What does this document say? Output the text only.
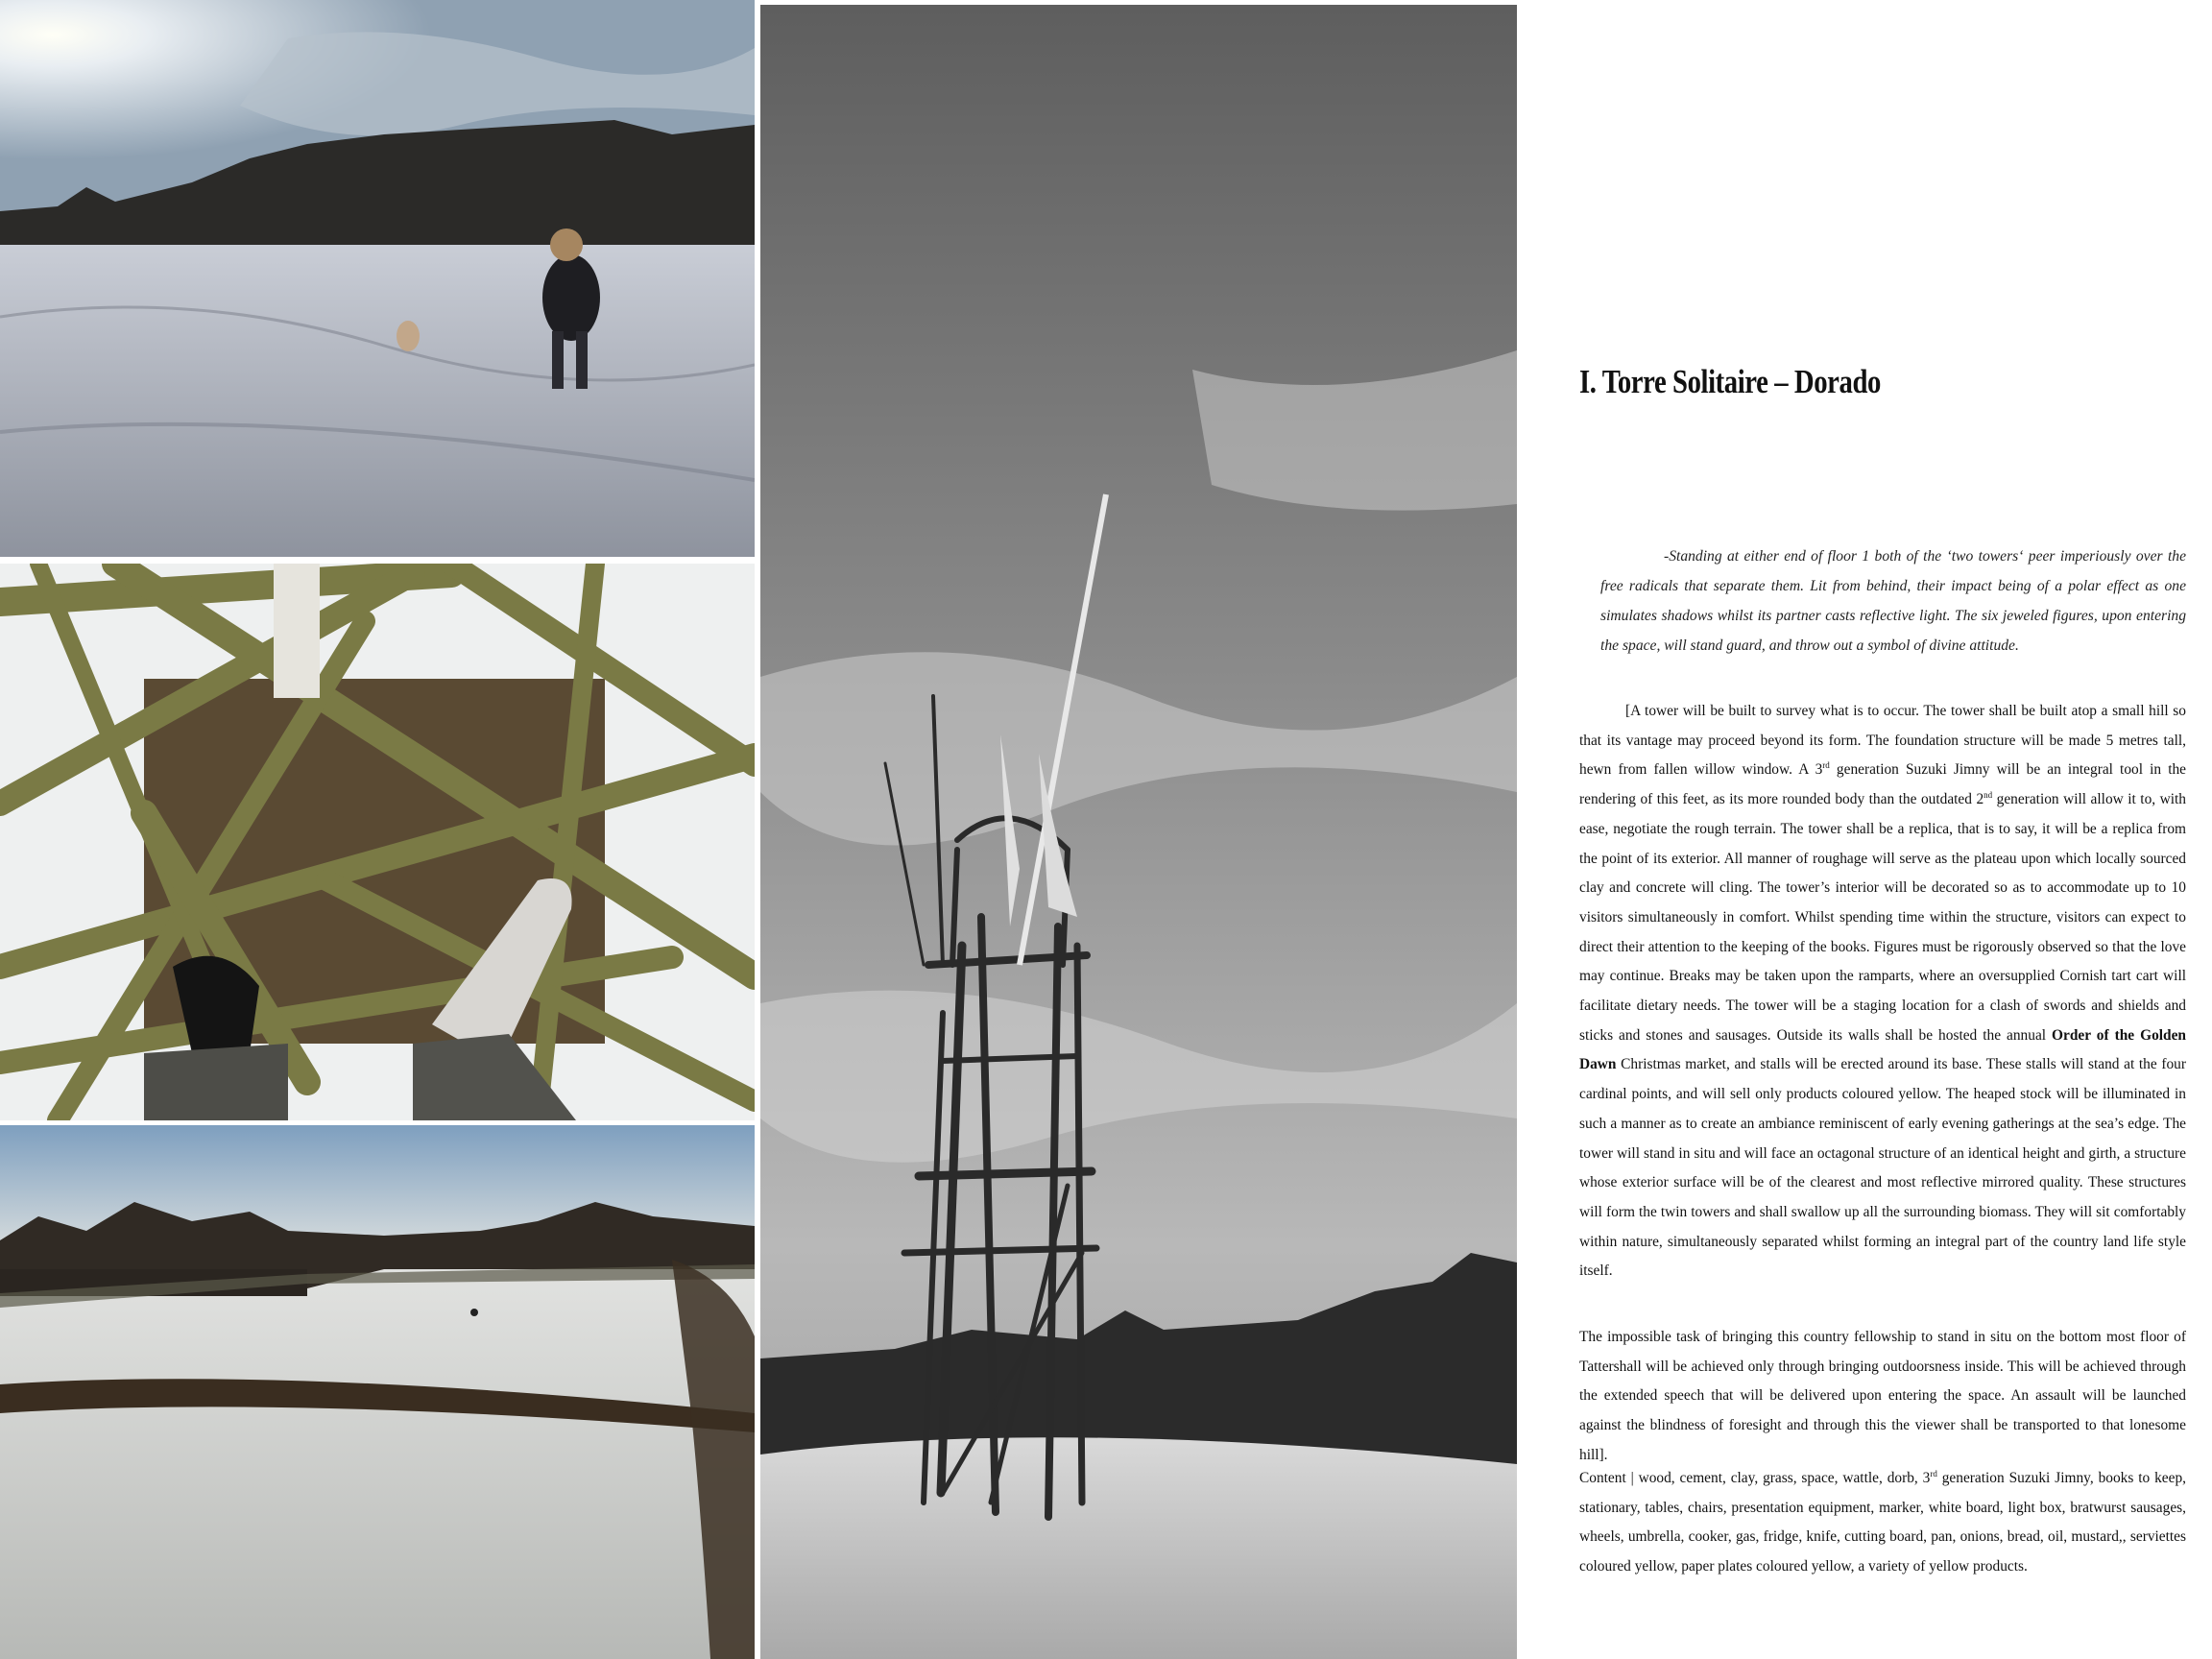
I. Torre Solitaire – Dorado

-Standing at either end of floor 1 both of the ‘two towers‘ peer imperiously over the free radicals that separate them. Lit from behind, their impact being of a polar effect as one simulates shadows whilst its partner casts reflective light. The six jeweled figures, upon entering the space, will stand guard, and throw out a symbol of divine attitude.

[A tower will be built to survey what is to occur. The tower shall be built atop a small hill so that its vantage may proceed beyond its form. The foundation structure will be made 5 metres tall, hewn from fallen willow window. A 3rd generation Suzuki Jimny will be an integral tool in the rendering of this feet, as its more rounded body than the outdated 2nd generation will allow it to, with ease, negotiate the rough terrain. The tower shall be a replica, that is to say, it will be a replica from the point of its exterior. All manner of roughage will serve as the plateau upon which locally sourced clay and concrete will cling. The tower’s interior will be decorated so as to accommodate up to 10 visitors simultaneously in comfort. Whilst spending time within the structure, visitors can expect to direct their attention to the keeping of the books. Figures must be rigorously observed so that the love may continue. Breaks may be taken upon the ramparts, where an oversupplied Cornish tart cart will facilitate dietary needs. The tower will be a staging location for a clash of swords and shields and sticks and stones and sausages. Outside its walls shall be hosted the annual Order of the Golden Dawn Christmas market, and stalls will be erected around its base. These stalls will stand at the four cardinal points, and will sell only products coloured yellow. The heaped stock will be illuminated in such a manner as to create an ambiance reminiscent of early evening gatherings at the sea’s edge. The tower will stand in situ and will face an octagonal structure of an identical height and girth, a structure whose exterior surface will be of the clearest and most reflective mirrored quality. These structures will form the twin towers and shall swallow up all the surrounding biomass. They will sit comfortably within nature, simultaneously separated whilst forming an integral part of the country land life style itself.

The impossible task of bringing this country fellowship to stand in situ on the bottom most floor of Tattershall will be achieved only through bringing outdoorsness inside. This will be achieved through the extended speech that will be delivered upon entering the space. An assault will be launched against the blindness of foresight and through this the viewer shall be transported to that lonesome hill].

Content | wood, cement, clay, grass, space, wattle, dorb, 3rd generation Suzuki Jimny, books to keep, stationary, tables, chairs, presentation equipment, marker, white board, light box, bratwurst sausages, wheels, umbrella, cooker, gas, fridge, knife, cutting board, pan, onions, bread, oil, mustard,, serviettes coloured yellow, paper plates coloured yellow, a variety of yellow products.
